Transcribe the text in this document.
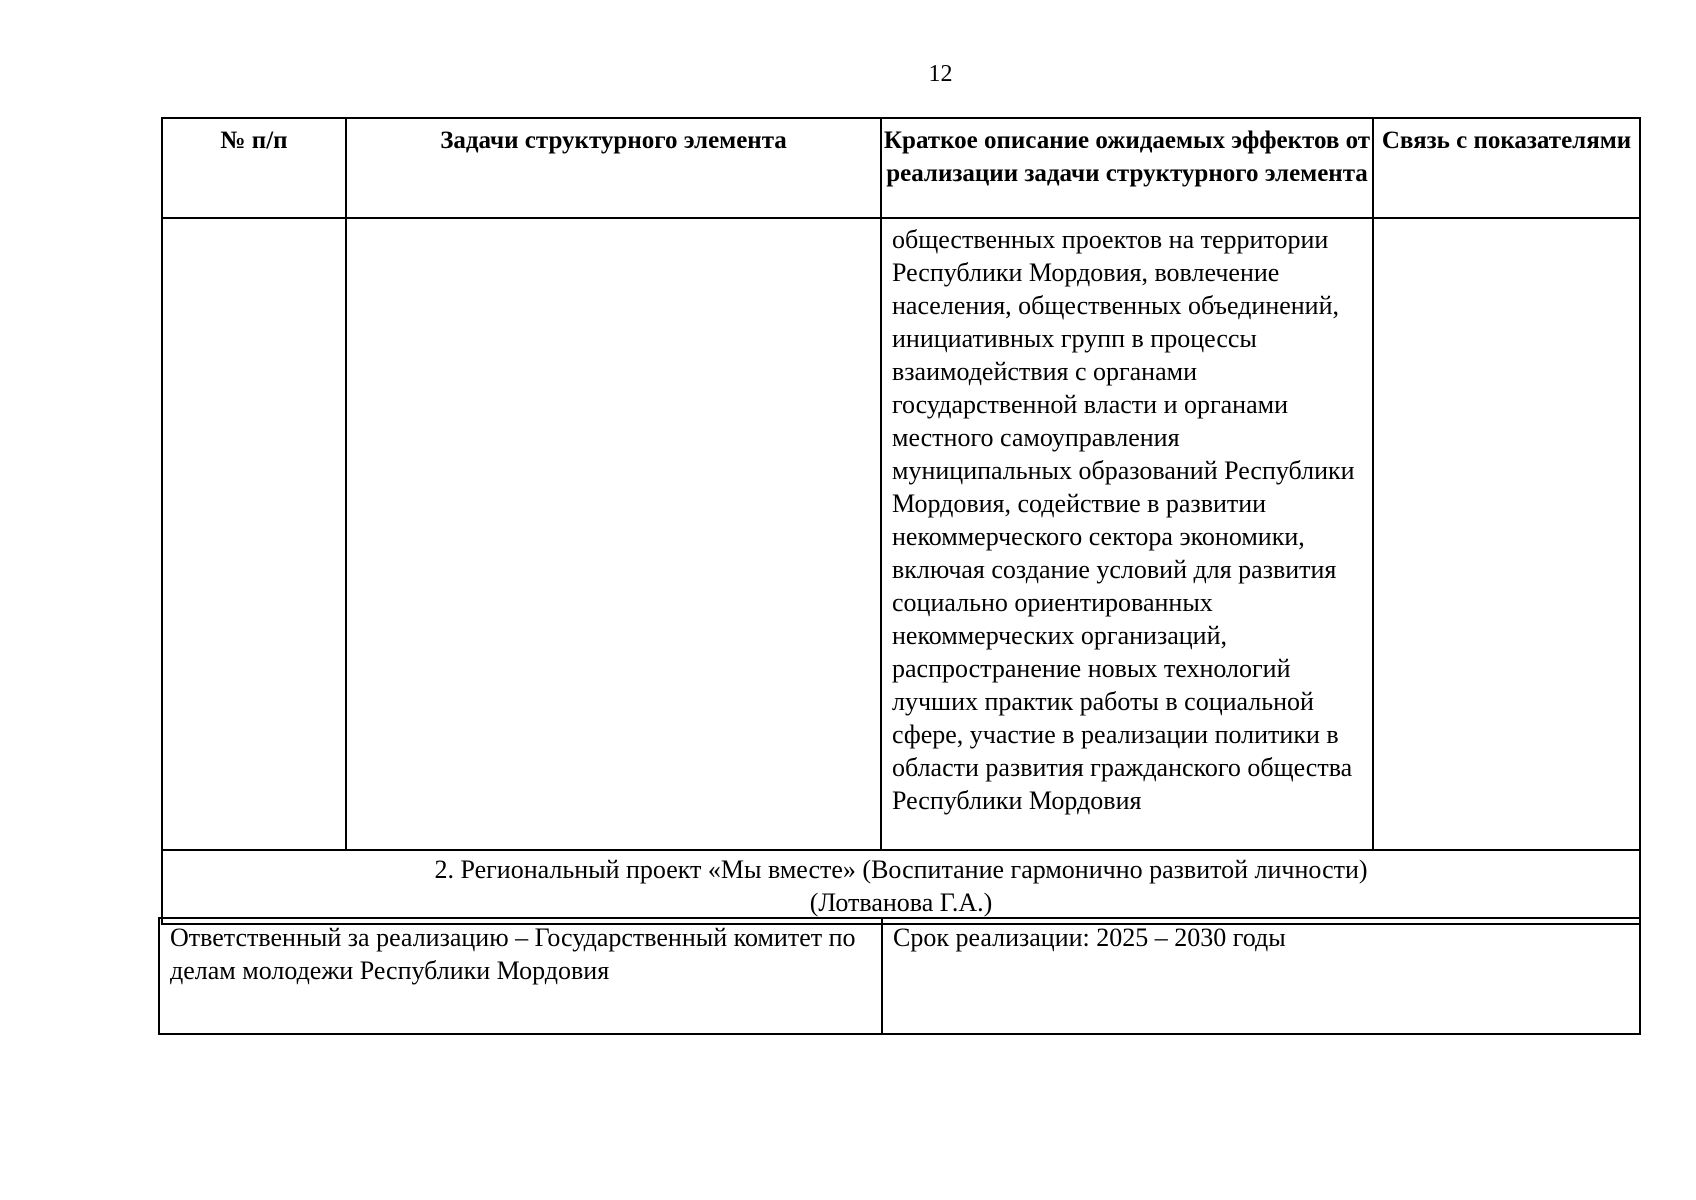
12
№ п/п	Задачи структурного элемента	Краткое описание ожидаемых эффектов от реализации задачи структурного элемента	Связь с показателями
		общественных проектов на территории Республики Мордовия, вовлечение населения, общественных объединений, инициативных групп в процессы взаимодействия с органами государственной власти и органами местного самоуправления муниципальных образований Республики Мордовия, содействие в развитии некоммерческого сектора экономики, включая создание условий для развития социально ориентированных некоммерческих организаций, распространение новых технологий лучших практик работы в социальной сфере, участие в реализации политики в области развития гражданского общества Республики Мордовия	

2. Региональный проект «Мы вместе» (Воспитание гармонично развитой личности)
(Лотванова Г.А.)			
Ответственный за реализацию – Государственный комитет по делам молодежи Республики Мордовия	Срок реализации: 2025 – 2030 годы
